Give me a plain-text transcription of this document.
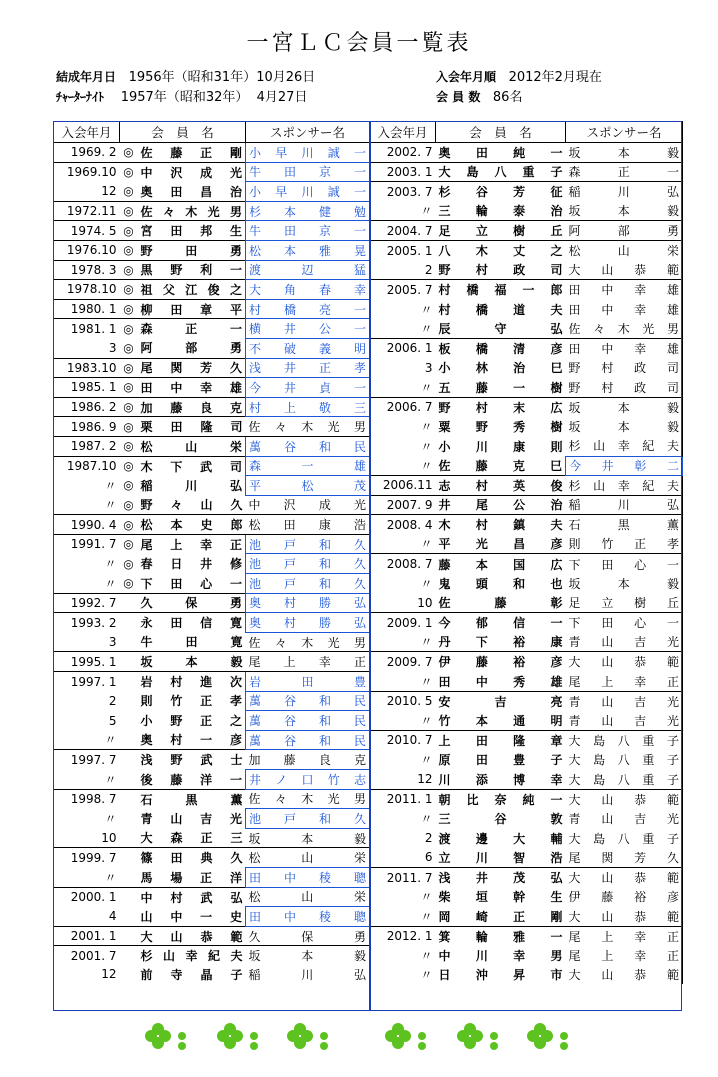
一宮ＬＣ会員一覧表
結成年月日 1956年（昭和31年）10月26日
ﾁｬｰﾀｰﾅｲﾄ 1957年（昭和32年）  4月27日
入会年月順 2012年2月現在
会 員 数 86名
入会年月	会　員　名		スポンサー名	入会年月	会　員　名	スポンサー名
1969. 2	◎	佐 藤 正 剛	小 早 川 誠 一	2002. 7	奥 田 純 一	坂 本 毅

1969.10	◎	中 沢 成 光	牛 田 京 一	2003. 1	大 島 八 重 子	森 正 一

12	◎	奥 田 昌 治	小 早 川 誠 一	2003. 7	杉 谷 芳 征	稲 川 弘

1972.11	◎	佐 々 木 光 男	杉 本 健 勉	〃	三 輪 泰 治	坂 本 毅

1974. 5	◎	宮 田 邦 生	牛 田 京 一	2004. 7	足 立 樹 丘	阿 部 勇

1976.10	◎	野 田 勇	松 本 雅 晃	2005. 1	八 木 丈 之	松 山 栄

1978. 3	◎	黒 野 利 一	渡 辺 猛	2	野 村 政 司	大 山 恭 範

1978.10	◎	祖 父 江 俊 之	大 角 春 幸	2005. 7	村 橋 福 一 郎	田 中 幸 雄

1980. 1	◎	柳 田 章 平	村 橋 亮 一	〃	村 橋 道 夫	田 中 幸 雄

1981. 1	◎	森 正 一	横 井 公 一	〃	辰 守 弘	佐 々 木 光 男

3	◎	阿 部 勇	不 破 義 明	2006. 1	板 橋 清 彦	田 中 幸 雄

1983.10	◎	尾 関 芳 久	浅 井 正 孝	3	小 林 治 巳	野 村 政 司

1985. 1	◎	田 中 幸 雄	今 井 貞 一	〃	五 藤 一 樹	野 村 政 司

1986. 2	◎	加 藤 良 克	村 上 敬 三	2006. 7	野 村 末 広	坂 本 毅

1986. 9	◎	栗 田 隆 司	佐 々 木 光 男	〃	粟 野 秀 樹	坂 本 毅

1987. 2	◎	松 山 栄	萬 谷 和 民	〃	小 川 康 則	杉 山 幸 紀 夫

1987.10	◎	木 下 武 司	森 一 雄	〃	佐 藤 克 巳	今 井 彰 二

〃	◎	稲 川 弘	平 松 茂	2006.11	志 村 英 俊	杉 山 幸 紀 夫

〃	◎	野 々 山 久	中 沢 成 光	2007. 9	井 尾 公 治	稲 川 弘

1990. 4	◎	松 本 史 郎	松 田 康 浩	2008. 4	木 村 鎮 夫	石 黒 薫

1991. 7	◎	尾 上 幸 正	池 戸 和 久	〃	平 光 昌 彦	則 竹 正 孝

〃	◎	春 日 井 修	池 戸 和 久	2008. 7	藤 本 国 広	下 田 心 一

〃	◎	下 田 心 一	池 戸 和 久	〃	鬼 頭 和 也	坂 本 毅

1992. 7		久 保 勇	奥 村 勝 弘	10	佐 藤 彰	足 立 樹 丘

1993. 2		永 田 信 寛	奥 村 勝 弘	2009. 1	今 郁 信 一	下 田 心 一

3		牛 田 寛	佐 々 木 光 男	〃	丹 下 裕 康	青 山 吉 光

1995. 1		坂 本 毅	尾 上 幸 正	2009. 7	伊 藤 裕 彦	大 山 恭 範

1997. 1		岩 村 進 次	岩 田 豊	〃	田 中 秀 雄	尾 上 幸 正

2		則 竹 正 孝	萬 谷 和 民	2010. 5	安 吉 亮	青 山 吉 光

5		小 野 正 之	萬 谷 和 民	〃	竹 本 通 明	青 山 吉 光

〃		奥 村 一 彦	萬 谷 和 民	2010. 7	上 田 隆 章	大 島 八 重 子

1997. 7		浅 野 武 士	加 藤 良 克	〃	原 田 豊 子	大 島 八 重 子

〃		後 藤 洋 一	井 ノ 口 竹 志	12	川 添 博 幸	大 島 八 重 子

1998. 7		石 黒 薫	佐 々 木 光 男	2011. 1	朝 比 奈 純 一	大 山 恭 範

〃		青 山 吉 光	池 戸 和 久	〃	三 谷 敦	青 山 吉 光

10		大 森 正 三	坂 本 毅	2	渡 邊 大 輔	大 島 八 重 子

1999. 7		篠 田 典 久	松 山 栄	6	立 川 智 浩	尾 関 芳 久

〃		馬 場 正 洋	田 中 稜 聰	2011. 7	浅 井 茂 弘	大 山 恭 範

2000. 1		中 村 武 弘	松 山 栄	〃	柴 垣 幹 生	伊 藤 裕 彦

4		山 中 一 史	田 中 稜 聰	〃	岡 崎 正 剛	大 山 恭 範

2001. 1		大 山 恭 範	久 保 勇	2012. 1	箕 輪 雅 一	尾 上 幸 正

2001. 7		杉 山 幸 紀 夫	坂 本 毅	〃	中 川 幸 男	尾 上 幸 正

12		前 寺 晶 子	稲 川 弘	〃	日 沖 昇 市	大 山 恭 範
